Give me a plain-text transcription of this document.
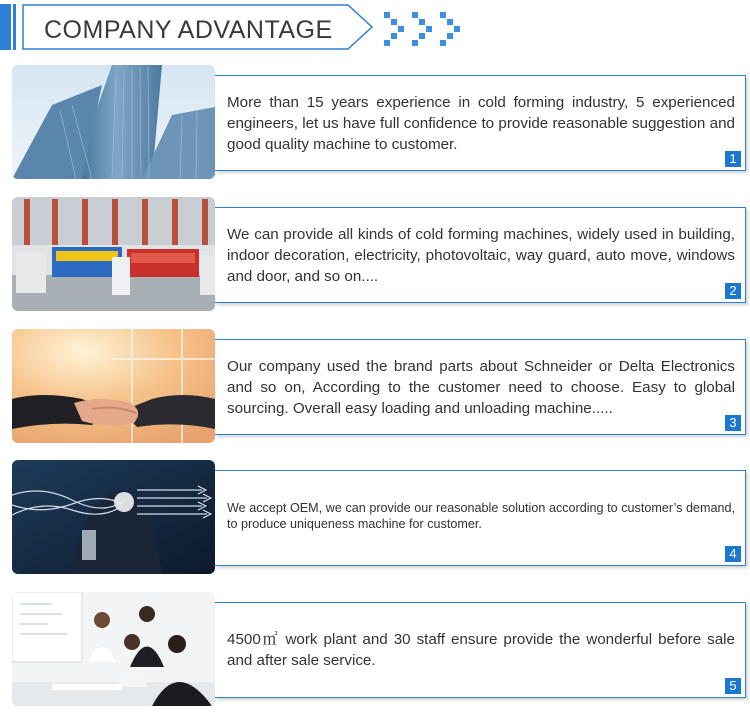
COMPANY ADVANTAGE
More than 15 years experience in cold forming industry, 5 experienced engineers, let us have full confidence to provide reasonable suggestion and good quality machine to customer.
1
We can provide all kinds of cold forming machines, widely used in building, indoor decoration, electricity, photovoltaic, way guard, auto move, windows and door, and so on....
2
Our company used the brand parts about Schneider or Delta Electronics and so on, According to the customer need to choose. Easy to global sourcing. Overall easy loading and unloading machine.....
3
We accept OEM, we can provide our reasonable solution according to customer’s demand, to produce uniqueness machine for customer.
4
4500㎡ work plant and 30 staff ensure provide the wonderful before sale and after sale service.
5
